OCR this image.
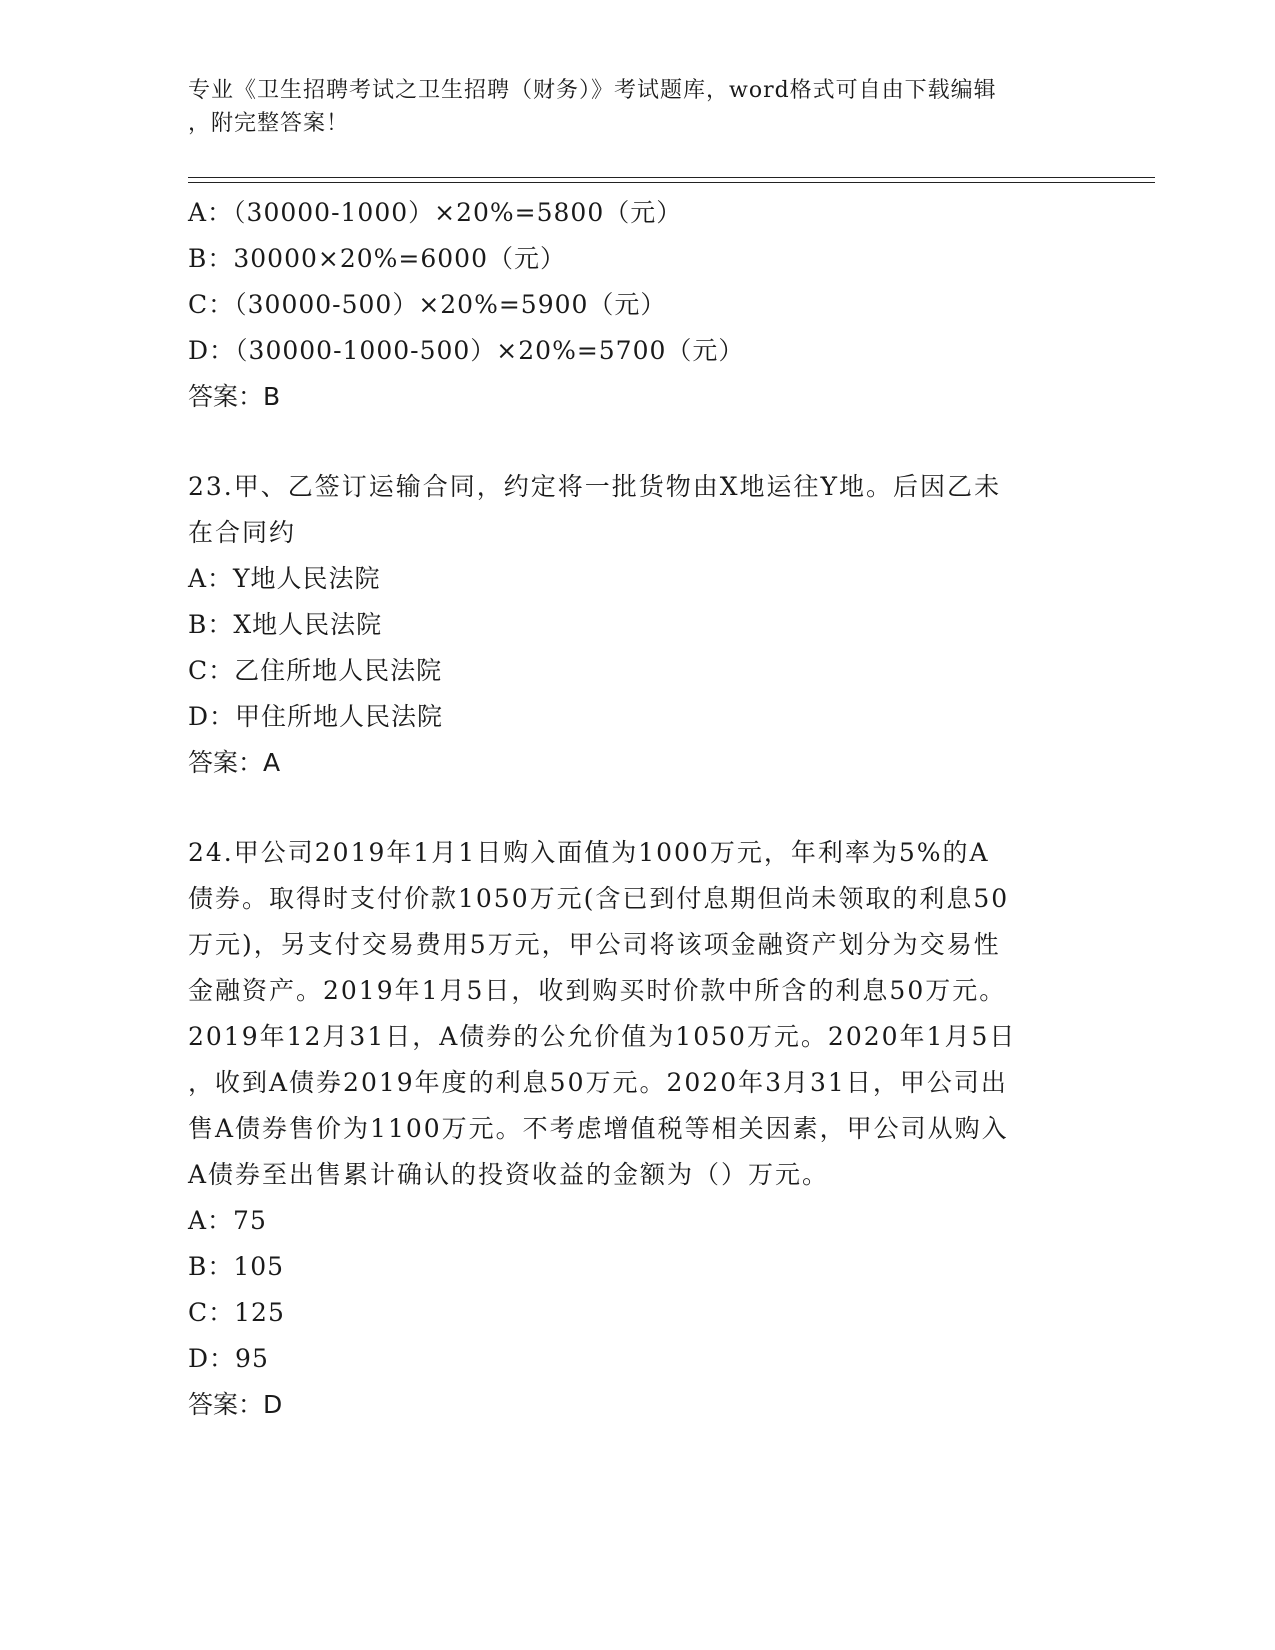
专业《卫生招聘考试之卫生招聘（财务）》考试题库，word格式可自由下载编辑
，附完整答案！
A：（30000-1000）×20%=5800（元）
B：30000×20%=6000（元）
C：（30000-500）×20%=5900（元）
D：（30000-1000-500）×20%=5700（元）
答案：B
23.甲、乙签订运输合同，约定将一批货物由X地运往Y地。后因乙未
在合同约
A：Y地人民法院
B：X地人民法院
C：乙住所地人民法院
D：甲住所地人民法院
答案：A
24.甲公司2019年1月1日购入面值为1000万元，年利率为5%的A
债券。取得时支付价款1050万元(含已到付息期但尚未领取的利息50
万元)，另支付交易费用5万元，甲公司将该项金融资产划分为交易性
金融资产。2019年1月5日，收到购买时价款中所含的利息50万元。
2019年12月31日，A债券的公允价值为1050万元。2020年1月5日
，收到A债券2019年度的利息50万元。2020年3月31日，甲公司出
售A债券售价为1100万元。不考虑增值税等相关因素，甲公司从购入
A债券至出售累计确认的投资收益的金额为（）万元。
A：75
B：105
C：125
D：95
答案：D
